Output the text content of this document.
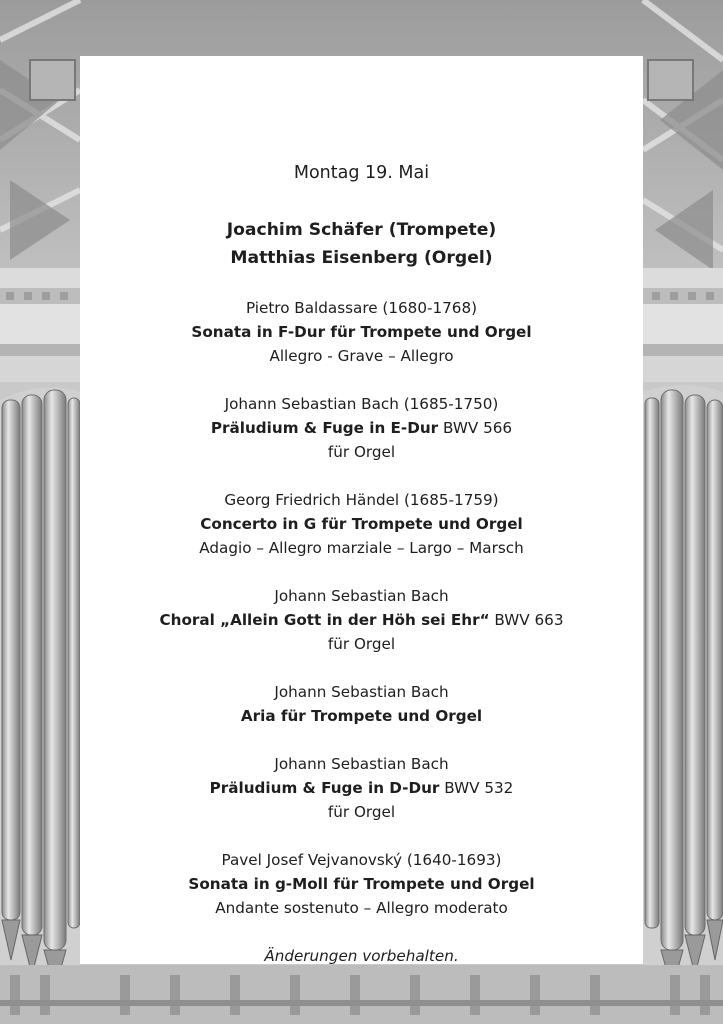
Montag 19. Mai
Joachim Schäfer (Trompete)
Matthias Eisenberg (Orgel)
Pietro Baldassare (1680-1768)
Sonata in F-Dur für Trompete und Orgel
Allegro - Grave – Allegro
Johann Sebastian Bach (1685-1750)
Präludium & Fuge in E-Dur BWV 566
für Orgel
Georg Friedrich Händel (1685-1759)
Concerto in G für Trompete und Orgel
Adagio – Allegro marziale – Largo – Marsch
Johann Sebastian Bach
Choral „Allein Gott in der Höh sei Ehr“ BWV 663
für Orgel
Johann Sebastian Bach
Aria für Trompete und Orgel
Johann Sebastian Bach
Präludium & Fuge in D-Dur BWV 532
für Orgel
Pavel Josef Vejvanovský (1640-1693)
Sonata in g-Moll für Trompete und Orgel
Andante sostenuto – Allegro moderato
Änderungen vorbehalten.
